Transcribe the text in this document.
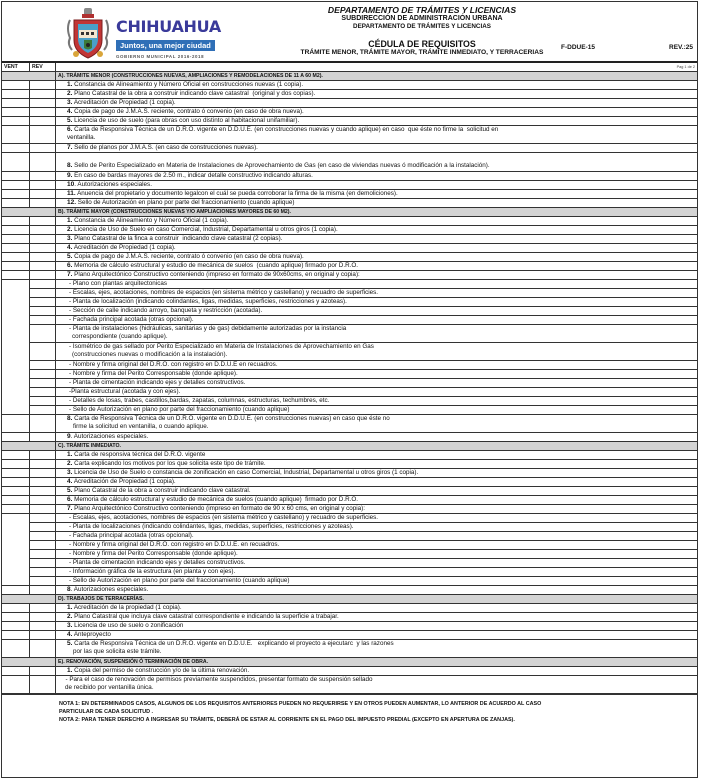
CHIHUAHUA
Juntos, una mejor ciudad
GOBIERNO MUNICIPAL 2016-2018
DEPARTAMENTO DE TRÁMITES Y LICENCIAS
SUBDIRECCIÓN DE ADMINISTRACIÓN URBANA
DEPARTAMENTO DE TRÁMITES Y LICENCIAS
CÉDULA DE REQUISITOS
TRÁMITE MENOR, TRÁMITE MAYOR, TRÁMITE INMEDIATO, Y TERRACERIAS
F-DDUE-15	REV.:25
Pag 1 de 2
VENT	REV
A). TRÁMITE MENOR (CONSTRUCCIONES NUEVAS, AMPLIACIONES Y REMODELACIONES DE 11 A 60 M2).
1. Constancia de Alineamiento y Número Oficial en construcciones nuevas (1 copia).
2. Plano Catastral de la obra a construir indicando clave catastral  (original y dos copias).
3. Acreditación de Propiedad (1 copia).
4. Copia de pago de J.M.A.S. reciente, contrato ó convenio (en caso de obra nueva).
5. Licencia de uso de suelo (para obras con uso distinto al habitacional unifamiliar).
6. Carta de Responsiva Técnica de un D.R.O. vigente en D.D.U.E. (en construcciones nuevas y cuando aplique) en caso  que éste no firme la  solicitud en
ventanilla.
7. Sello de planos por J.M.A.S. (en caso de construcciones nuevas).
8. Sello de Perito Especializado en Materia de Instalaciones de Aprovechamiento de Gas (en caso de viviendas nuevas ó modificación a la instalación).
9. En caso de bardas mayores de 2.50 m., indicar detalle constructivo indicando alturas.
10. Autorizaciones especiales.
11. Anuencia del propietario y documento legalcon el cuál se pueda corroborar la firma de la misma (en demoliciones).
12. Sello de Autorización en plano por parte del fraccionamiento (cuando aplique)
B). TRÁMITE MAYOR (CONSTRUCCIONES NUEVAS Y/O AMPLIACIONES MAYORES DE 60 M2).
1. Constancia de Alineamiento y Número Oficial (1 copia).
2. Licencia de Uso de Suelo en caso Comercial, Industrial, Departamental u otros giros (1 copia).
3. Plano Catastral de la finca a construir  indicando clave catastral (2 copias).
4. Acreditación de Propiedad (1 copia).
5. Copia de pago de J.M.A.S. reciente, contrato ó convenio (en caso de obra nueva).
6. Memoria de cálculo estructural y estudio de mecánica de suelos  (cuando aplique) firmado por D.R.O.
7. Plano Arquitectónico Constructivo conteniendo (impreso en formato de 90x60cms, en original y copia):
- Plano con plantas arquitectonicas
- Escalas, ejes, acotaciones, nombres de espacios (en sistema métrico y castellano) y recuadro de superficies.
- Planta de localización (indicando colindantes, ligas, medidas, superficies, restricciones y azoteas).
- Sección de calle indicando arroyo, banqueta y restricción (acotada).
- Fachada principal acotada (otras opcional).
- Planta de instalaciones (hidráulicas, sanitarias y de gas) debidamente autorizadas por la instancia
correspondiente (cuando aplique).
- Isométrico de gas sellado por Perito Especializado en Materia de Instalaciones de Aprovechamiento en Gas
(construcciones nuevas o modificación a la instalación).
- Nombre y firma original del D.R.O. con registro en D.D.U.E en recuadros.
- Nombre y firma del Perito Corresponsable (donde aplique).
- Planta de cimentación indicando ejes y detalles constructivos.
-Planta estructural (acotada y con ejes).
- Detalles de losas, trabes, castillos,bardas, zapatas, columnas, estructuras, techumbres, etc.
- Sello de Autorización en plano por parte del fraccionamiento (cuando aplique)
8. Carta de Responsiva Técnica de un D.R.O. vigente en D.D.U.E. (en construcciones nuevas) en caso que éste no
firme la solicitud en ventanilla, o cuando aplique.
9. Autorizaciones especiales.
C). TRÁMITE INMEDIATO.
1. Carta de responsiva técnica del D.R.O. vigente
2. Carta explicando los motivos por los que solicita este tipo de trámite.
3. Licencia de Uso de Suelo o constancia de zonificación en caso Comercial, Industrial, Departamental u otros giros (1 copia).
4. Acreditación de Propiedad (1 copia).
5. Plano Catastral de la obra a construir indicando clave catastral.
6. Memoria de cálculo estructural y estudio de mecánica de suelos (cuando aplique)  firmado por D.R.O.
7. Plano Arquitectónico Constructivo conteniendo (impreso en formato de 90 x 60 cms, en original y copia):
- Escalas, ejes, acotaciones, nombres de espacios (en sistema métrico y castellano) y recuadro de superficies.
- Planta de localizaciones (indicando colindantes, ligas, medidas, superficies, restricciones y azoteas).
- Fachada principal acotada (otras opcional).
- Nombre y firma original del D.R.O. con registro en D.D.U.E. en recuadros.
- Nombre y firma del Perito Corresponsable (donde aplique).
- Planta de cimentación indicando ejes y detalles constructivos.
- Información gráfica de la estructura (en planta y con ejes).
- Sello de Autorización en plano por parte del fraccionamiento (cuando aplique)
8. Autorizaciones especiales.
D). TRABAJOS DE TERRACERÍAS.
1. Acreditación de la propiedad (1 copia).
2. Plano Catastral que incluya clave catastral correspondiente e indicando la superficie a trabajar.
3. Licencia de uso de suelo o zonificación
4. Anteproyecto
5. Carta de Responsiva Técnica de un D.R.O. vigente en D.D.U.E.   explicando el proyecto a ejecutarc  y las razones
por las que solicita este trámite.
E). RENOVACIÓN, SUSPENSIÓN Ó TERMINACIÓN DE OBRA.
1. Copia del permiso de construcción y/o de la última renovación.
- Para el caso de renovación de permisos previamente suspendidos, presentar formato de suspensión sellado
de recibido por ventanilla única.
NOTA 1: EN DETERMINADOS CASOS, ALGUNOS DE LOS REQUISITOS ANTERIORES PUEDEN NO REQUERIRSE Y EN OTROS PUEDEN AUMENTAR, LO ANTERIOR DE ACUERDO AL CASO
PARTICULAR DE CADA SOLICITUD .
NOTA 2: PARA TENER DERECHO A INGRESAR SU TRÁMITE, DEBERÁ DE ESTAR AL CORRIENTE EN EL PAGO DEL IMPUESTO PREDIAL (EXCEPTO EN APERTURA DE ZANJAS).
